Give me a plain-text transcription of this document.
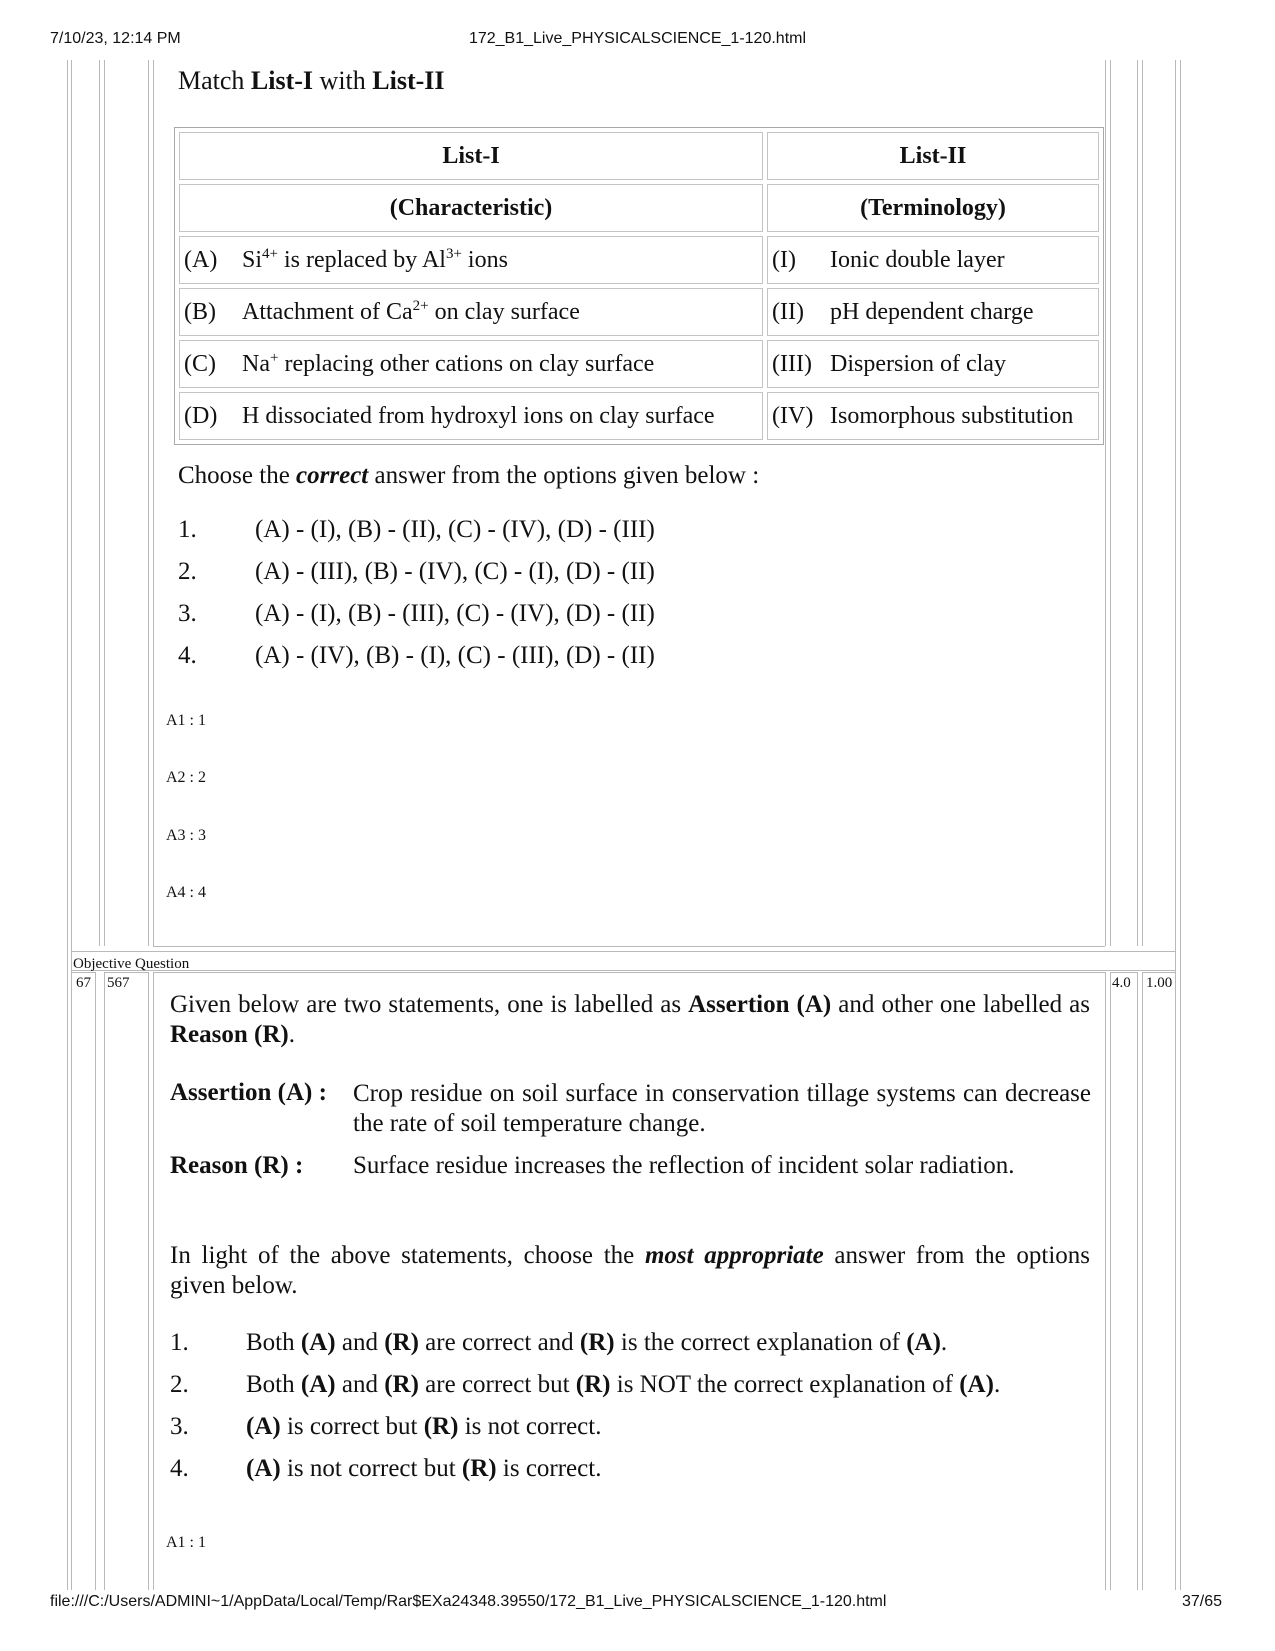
7/10/23, 12:14 PM	172_B1_Live_PHYSICALSCIENCE_1-120.html
Match List-I with List-II
List-I	List-II
(Characteristic)	(Terminology)
(A) $Si^{4+}$ is replaced by $Al^{3+}$ ions	(I) Ionic double layer
(B) Attachment of $Ca^{2+}$ on clay surface	(II) pH dependent charge
(C) Na+ replacing other cations on clay surface	(III) Dispersion of clay
(D) H dissociated from hydroxyl ions on clay surface	(IV) Isomorphous substitution
Choose the correct answer from the options given below :
1. (A) - (I), (B) - (II), (C) - (IV), (D) - (III)
2. (A) - (III), (B) - (IV), (C) - (I), (D) - (II)
3. (A) - (I), (B) - (III), (C) - (IV), (D) - (II)
4. (A) - (IV), (B) - (I), (C) - (III), (D) - (II)
A1 : 1
A2 : 2
A3 : 3
A4 : 4
Objective Question
67 567	4.0 1.00
Given below are two statements, one is labelled as Assertion (A) and other one labelled as Reason (R).
Assertion (A) : Crop residue on soil surface in conservation tillage systems can decrease the rate of soil temperature change.
Reason (R) : Surface residue increases the reflection of incident solar radiation.
In light of the above statements, choose the most appropriate answer from the options given below.
1. Both (A) and (R) are correct and (R) is the correct explanation of (A).
2. Both (A) and (R) are correct but (R) is NOT the correct explanation of (A).
3. (A) is correct but (R) is not correct.
4. (A) is not correct but (R) is correct.
A1 : 1
file:///C:/Users/ADMINI~1/AppData/Local/Temp/Rar$EXa24348.39550/172_B1_Live_PHYSICALSCIENCE_1-120.html	37/65
